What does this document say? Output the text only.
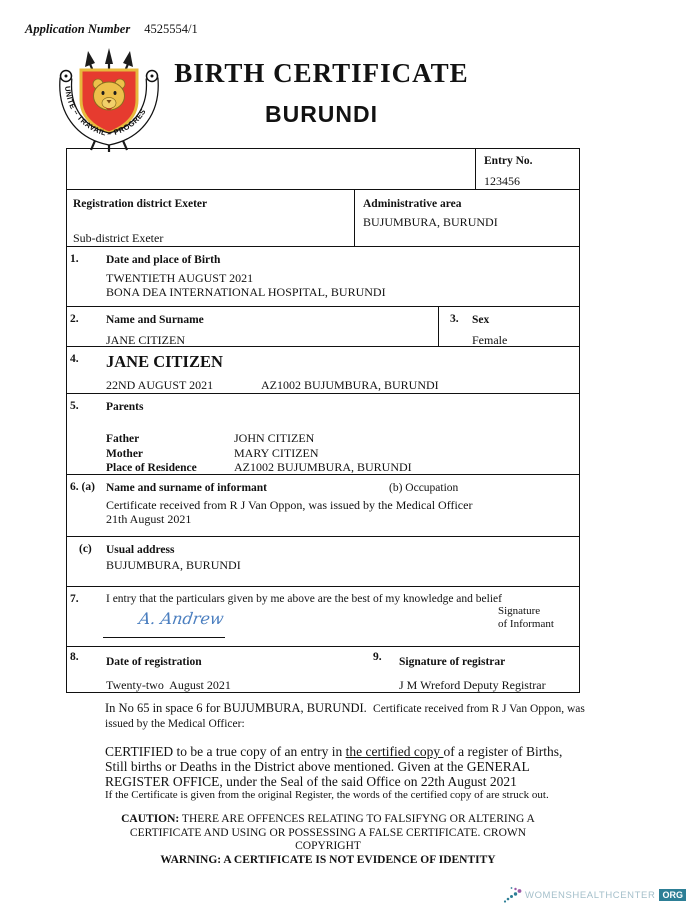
Application Number 4525554/1
UNITE ~ TRAVAIL ~ PROGRES
BIRTH CERTIFICATE
BURUNDI
Entry No.
123456
Registration district Exeter
Sub-district Exeter
Administrative area
BUJUMBURA, BURUNDI
1.	Date and place of Birth
TWENTIETH AUGUST 2021
BONA DEA INTERNATIONAL HOSPITAL, BURUNDI
2.	Name and Surname
JANE CITIZEN
3.	Sex
Female
4.	JANE CITIZEN
22ND AUGUST 2021	AZ1002 BUJUMBURA, BURUNDI
5.	Parents
Father	JOHN CITIZEN
Mother	MARY CITIZEN
Place of Residence	AZ1002 BUJUMBURA, BURUNDI
6. (a) Name and surname of informant
Certificate received from R J Van Oppon, was issued by the Medical Officer
21th August 2021
(b) Occupation
(c)	Usual address
BUJUMBURA, BURUNDI
7.	I entry that the particulars given by me above are the best of my knowledge and belief
A. Andrew	Signature
of Informant
8.	Date of registration
Twenty-two  August 2021
9.	Signature of registrar
J M Wreford Deputy Registrar
In No 65 in space 6 for BUJUMBURA, BURUNDI.  Certificate received from R J Van Oppon, was issued by the Medical Officer:
CERTIFIED to be a true copy of an entry in the certified copy of a register of Births, Still births or Deaths in the District above mentioned. Given at the GENERAL REGISTER OFFICE, under the Seal of the said Office on 22th August 2021
If the Certificate is given from the original Register, the words of the certified copy of are struck out.
CAUTION: THERE ARE OFFENCES RELATING TO FALSIFYNG OR ALTERING A CERTIFICATE AND USING OR POSSESSING A FALSE CERTIFICATE. CROWN COPYRIGHT
WARNING: A CERTIFICATE IS NOT EVIDENCE OF IDENTITY
WOMENSHEALTHCENTER ORG
